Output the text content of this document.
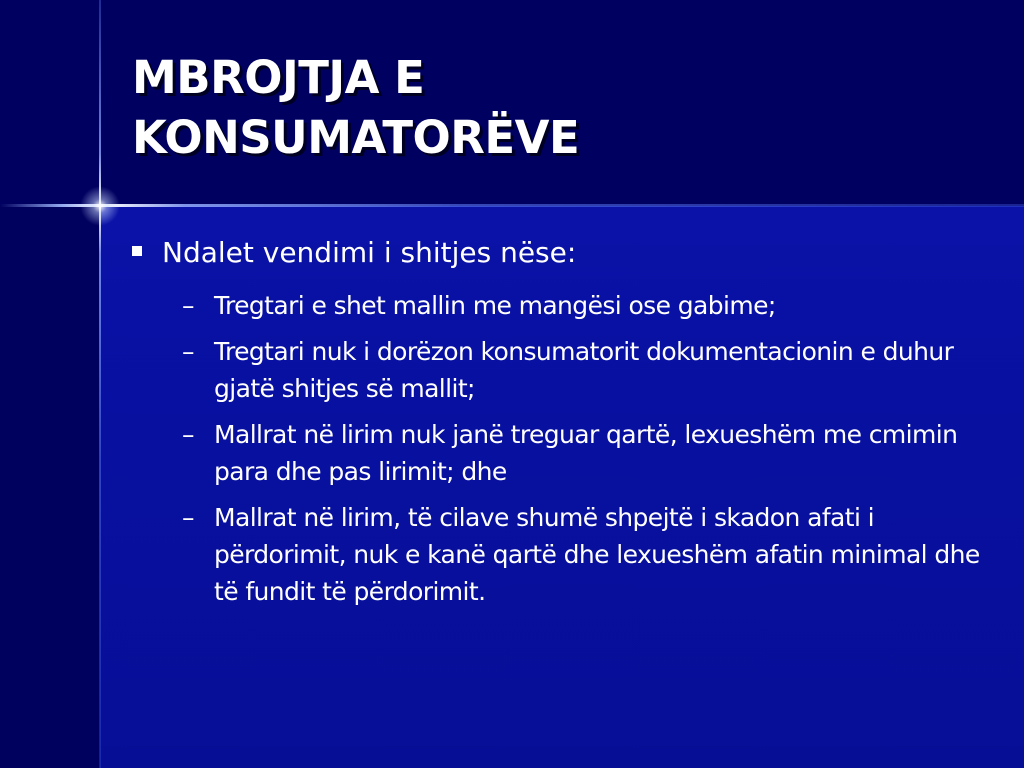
MBROJTJA E
KONSUMATORËVE
Ndalet vendimi i shitjes nëse:
– Tregtari e shet mallin me mangësi ose gabime;
– Tregtari nuk i dorëzon konsumatorit dokumentacionin e duhur gjatë shitjes së mallit;
– Mallrat në lirim nuk janë treguar qartë, lexueshëm me cmimin para dhe pas lirimit; dhe
– Mallrat në lirim, të cilave shumë shpejtë i skadon afati i përdorimit, nuk e kanë qartë dhe lexueshëm afatin minimal dhe të fundit të përdorimit.
